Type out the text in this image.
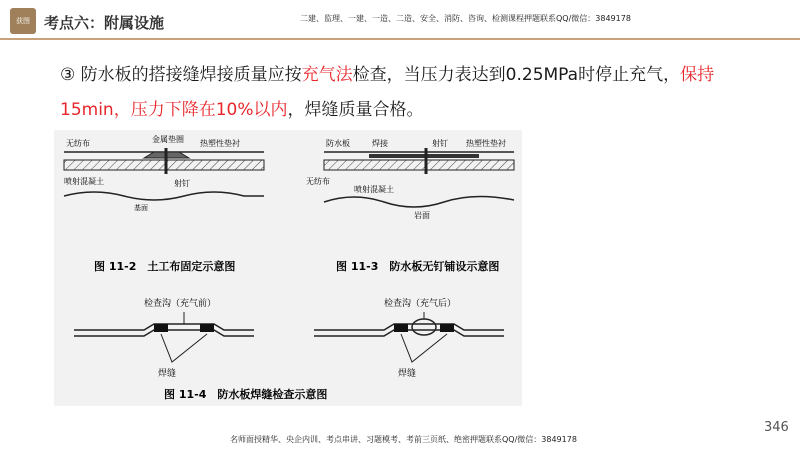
获图 考点六：附属设施	二建、监理、一建、一造、二造、安全、消防、咨询、检测课程押题联系QQ/微信：3849178
③ 防水板的搭接缝焊接质量应按充气法检查，当压力表达到0.25MPa时停止充气，保持15min，压力下降在10%以内，焊缝质量合格。
无纺布	金属垫圈 热塑性垫衬
喷射混凝土	射钉
基面
图 11-2　土工布固定示意图
防水板	焊接	射钉 热塑性垫衬
无纺布
喷射混凝土
岩面
图 11-3　防水板无钉铺设示意图
检查沟（充气前）
焊缝
检查沟（充气后）
焊缝
图 11-4　防水板焊缝检查示意图
346
名师面授精华、央企内训、考点串讲、习题模考、考前三页纸、绝密押题联系QQ/微信：3849178
